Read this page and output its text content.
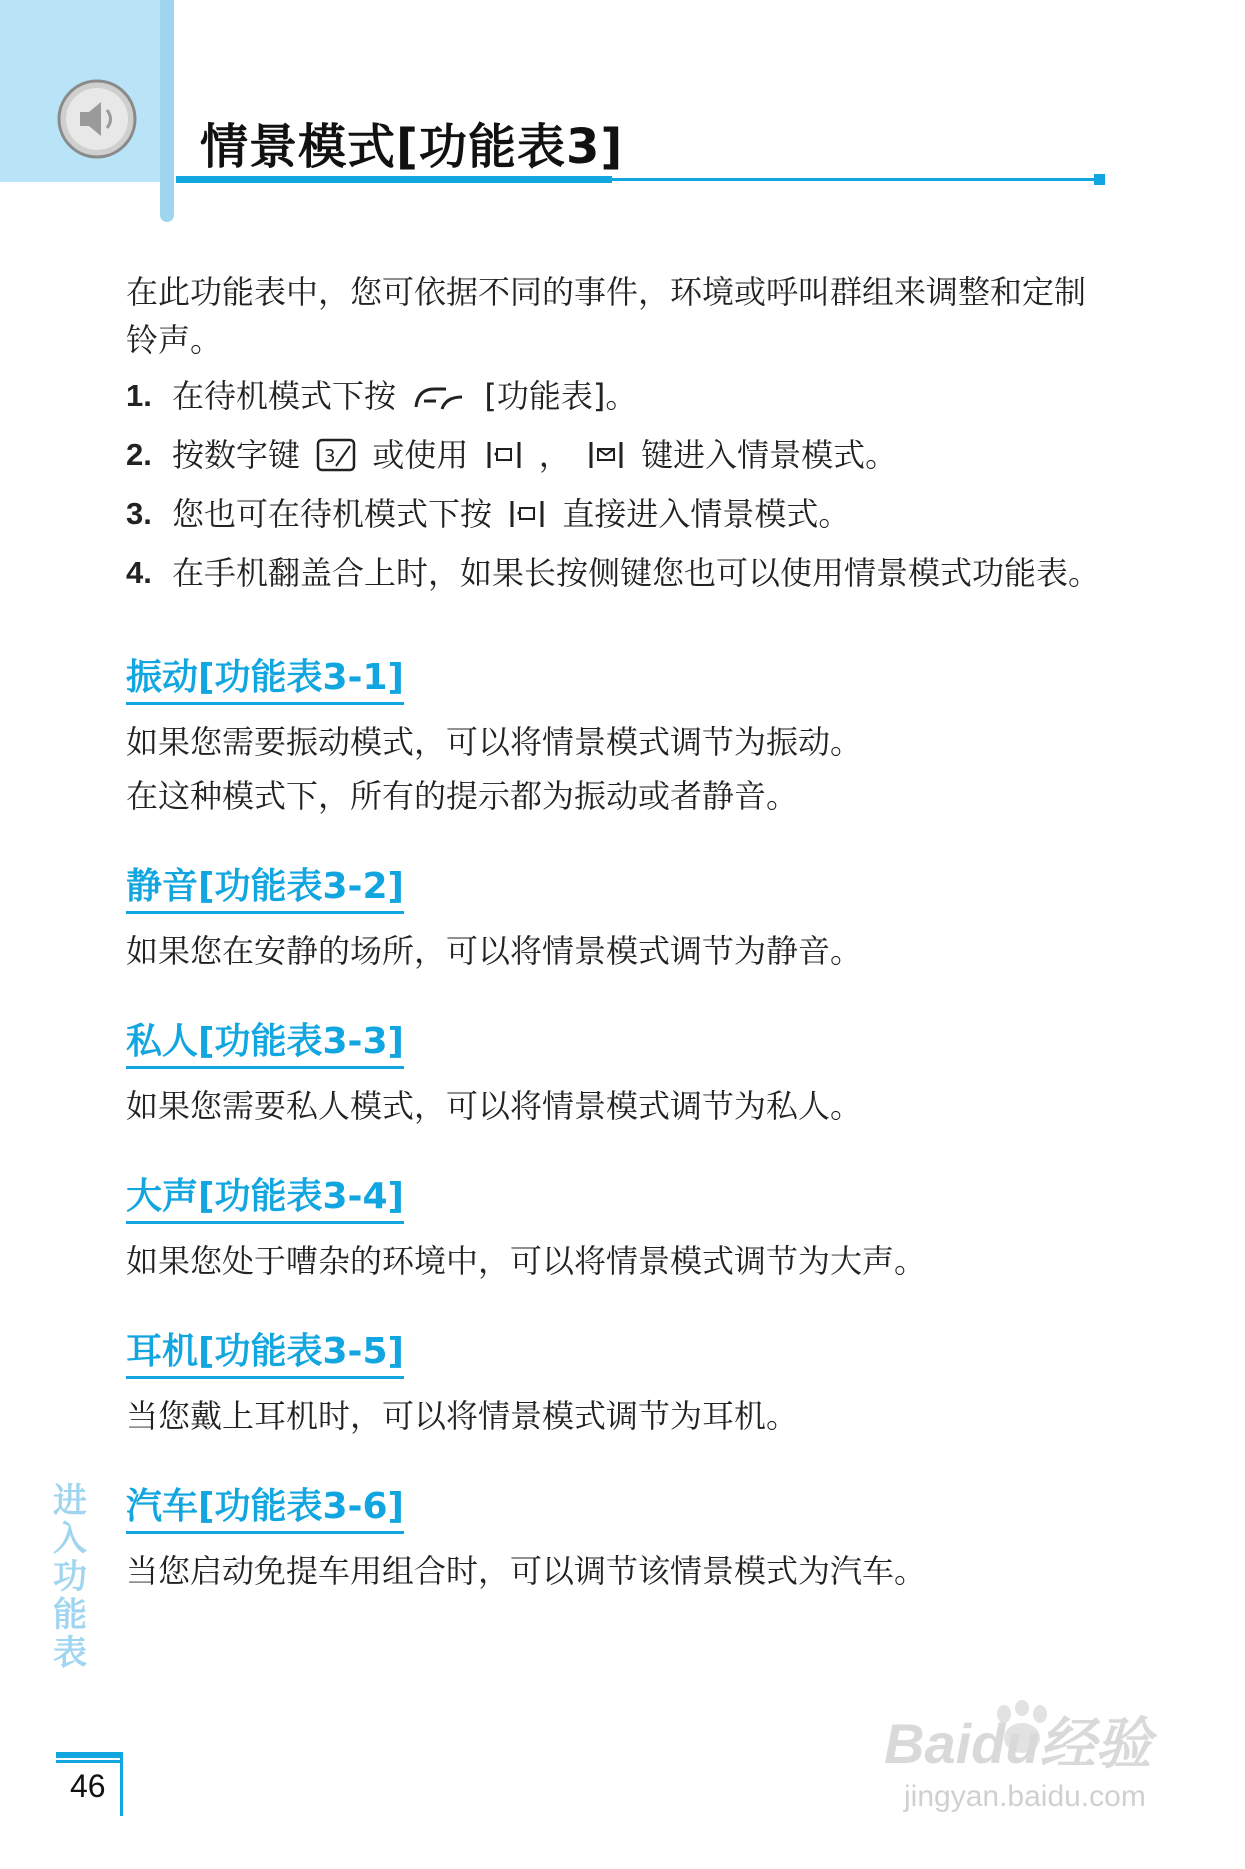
情景模式[功能表3]

在此功能表中，您可依据不同的事件，环境或呼叫群组来调整和定制铃声。

1. 在待机模式下按	[功能表]。
2. 按数字键 3 或使用 ， 键进入情景模式。
3. 您也可在待机模式下按 直接进入情景模式。
4. 在手机翻盖合上时，如果长按侧键您也可以使用情景模式功能表。
振动[功能表3-1]

如果您需要振动模式，可以将情景模式调节为振动。

在这种模式下，所有的提示都为振动或者静音。

静音[功能表3-2]

如果您在安静的场所，可以将情景模式调节为静音。

私人[功能表3-3]

如果您需要私人模式，可以将情景模式调节为私人。

大声[功能表3-4]

如果您处于嘈杂的环境中，可以将情景模式调节为大声。

耳机[功能表3-5]

当您戴上耳机时，可以将情景模式调节为耳机。

汽车[功能表3-6]

当您启动免提车用组合时，可以调节该情景模式为汽车。

进入功能表
46
Baidu经验
jingyan.baidu.com
